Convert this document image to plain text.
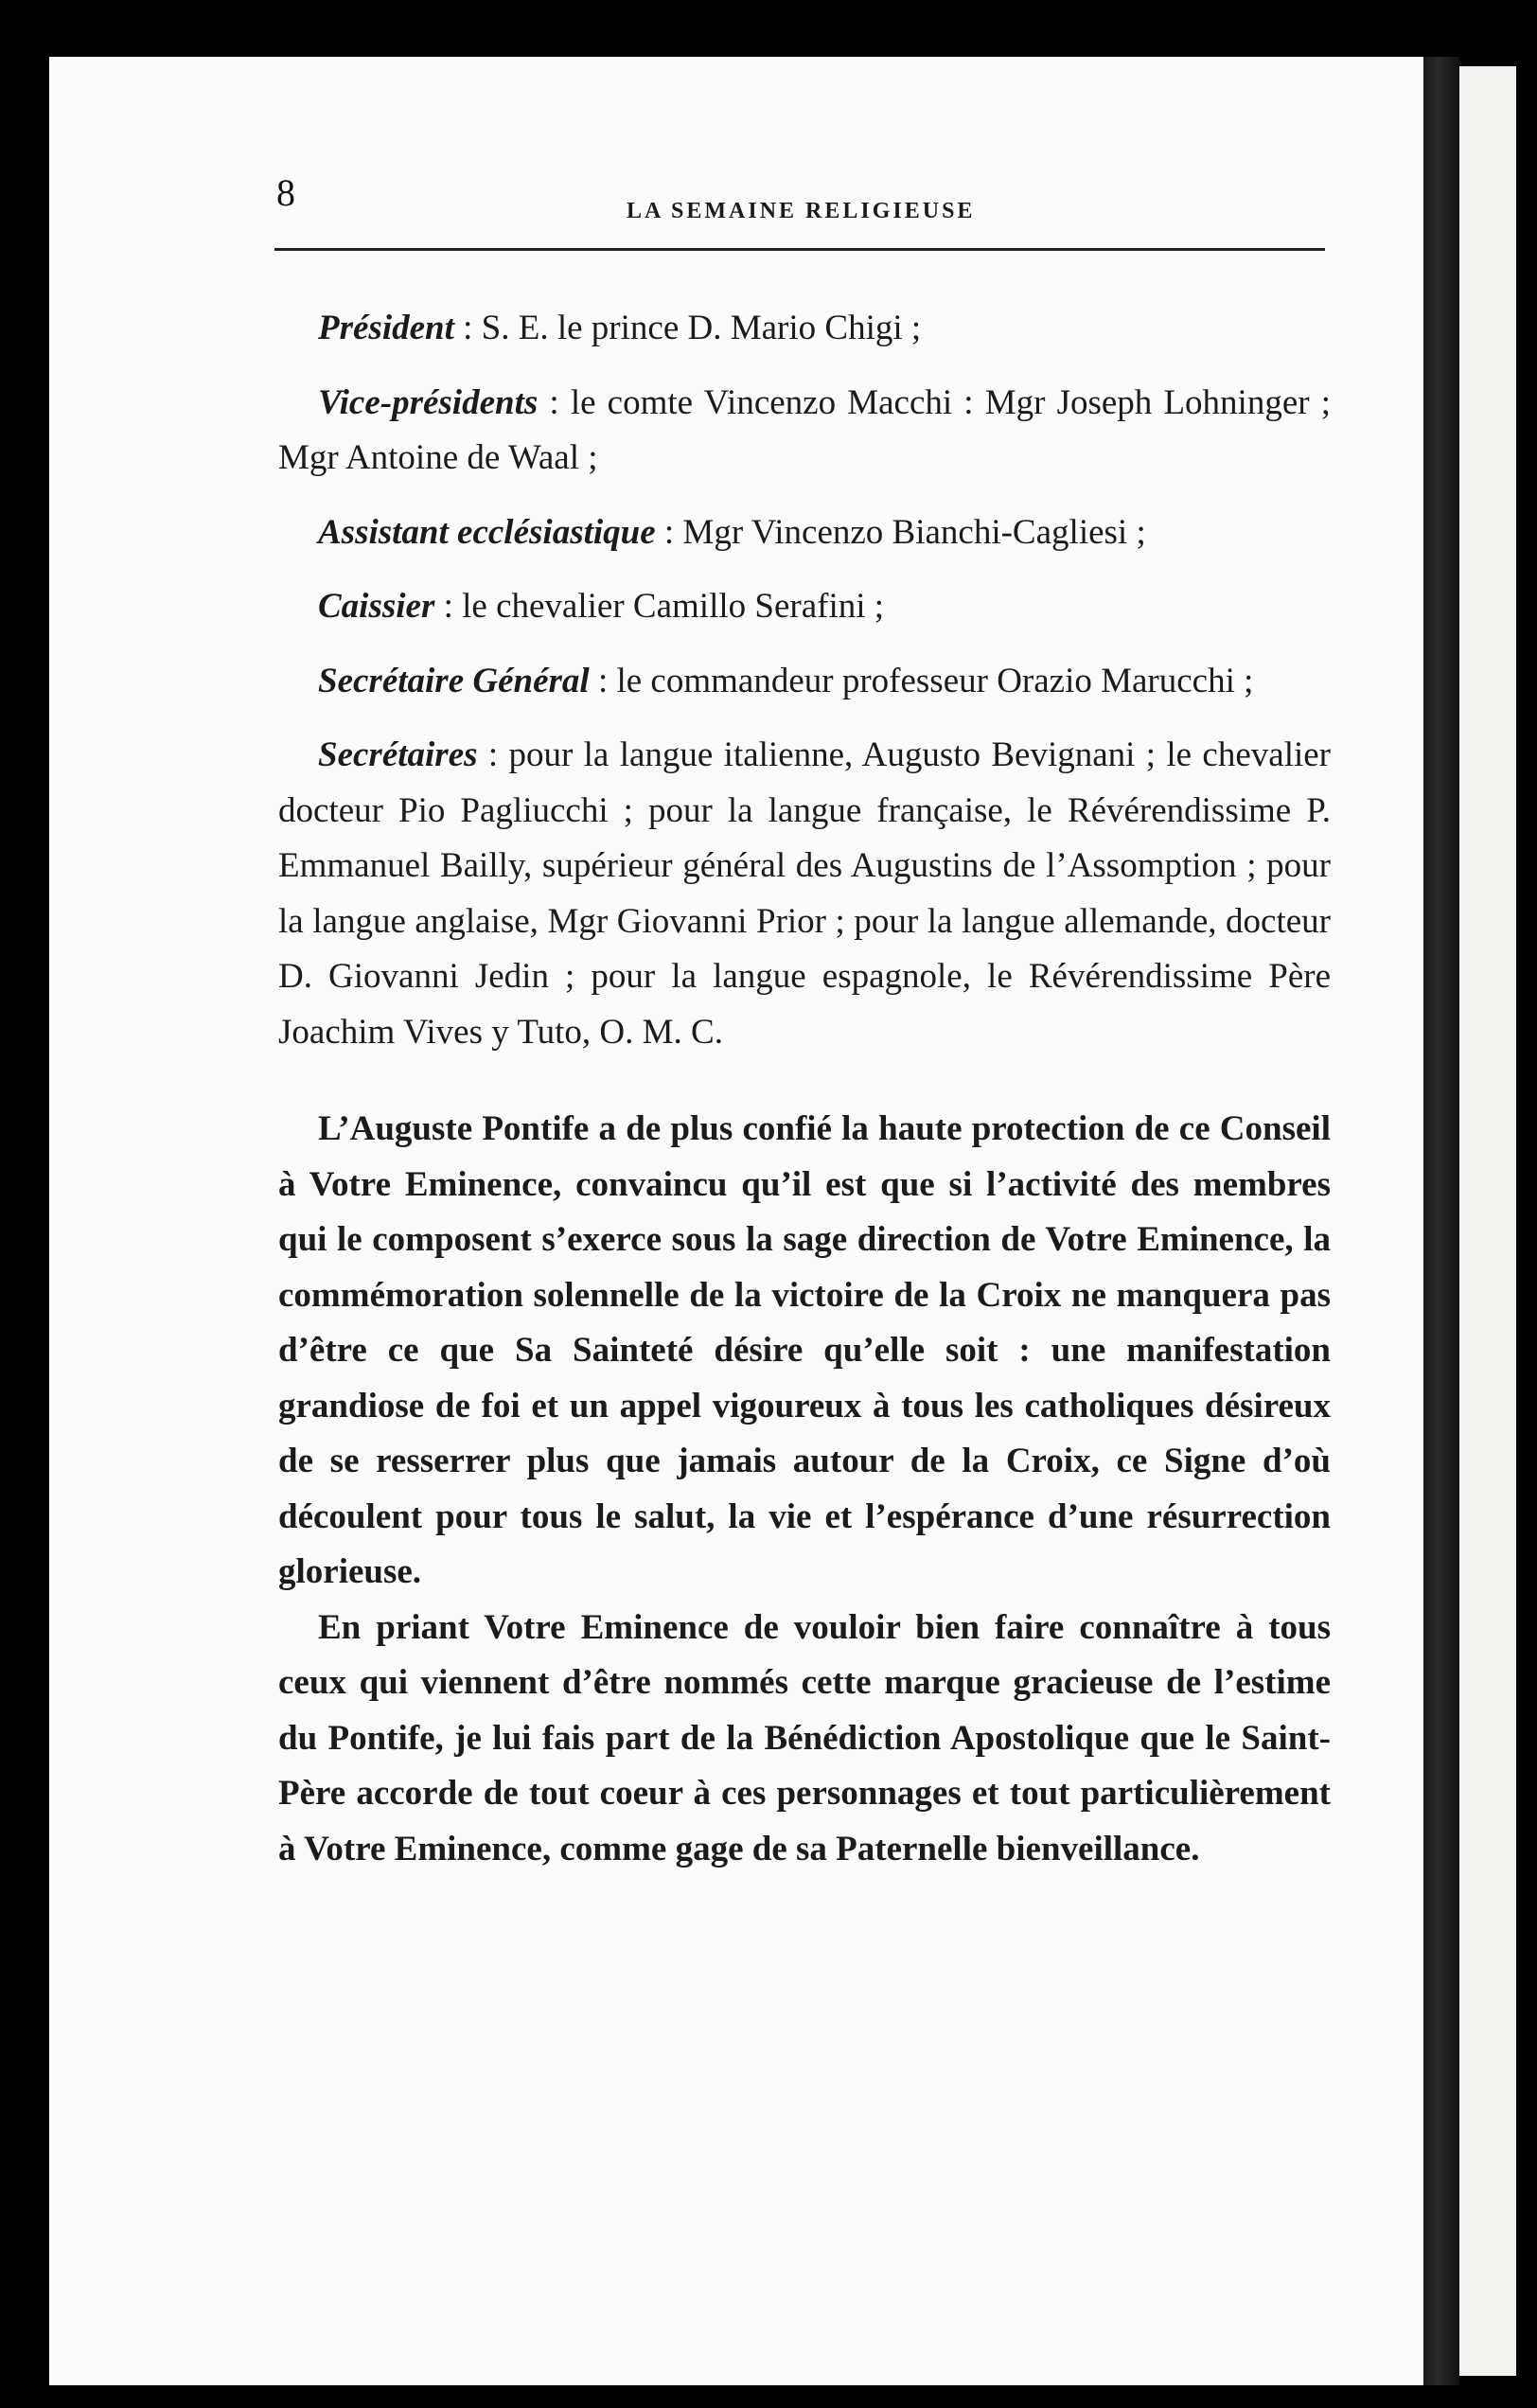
8	LA SEMAINE RELIGIEUSE

Président : S. E. le prince D. Mario Chigi ;

Vice-présidents : le comte Vincenzo Macchi : Mgr Joseph Lohninger ; Mgr Antoine de Waal ;

Assistant ecclésiastique : Mgr Vincenzo Bianchi-Cagliesi ;

Caissier : le chevalier Camillo Serafini ;

Secrétaire Général : le commandeur professeur Orazio Marucchi ;

Secrétaires : pour la langue italienne, Augusto Bevignani ; le chevalier docteur Pio Pagliucchi ; pour la langue française, le Révérendissime P. Emmanuel Bailly, supérieur général des Augustins de l’Assomption ; pour la langue anglaise, Mgr Giovanni Prior ; pour la langue allemande, docteur D. Giovanni Jedin ; pour la langue espagnole, le Révérendissime Père Joachim Vives y Tuto, O. M. C.

L’Auguste Pontife a de plus confié la haute protection de ce Conseil à Votre Eminence, convaincu qu’il est que si l’activité des membres qui le composent s’exerce sous la sage direction de Votre Eminence, la commémoration solennelle de la victoire de la Croix ne manquera pas d’être ce que Sa Sainteté désire qu’elle soit : une manifestation grandiose de foi et un appel vigoureux à tous les catholiques désireux de se resserrer plus que jamais autour de la Croix, ce Signe d’où découlent pour tous le salut, la vie et l’espérance d’une résurrection glorieuse.

En priant Votre Eminence de vouloir bien faire connaître à tous ceux qui viennent d’être nommés cette marque gracieuse de l’estime du Pontife, je lui fais part de la Bénédiction Apostolique que le Saint-Père accorde de tout coeur à ces personnages et tout particulièrement à Votre Eminence, comme gage de sa Paternelle bienveillance.
